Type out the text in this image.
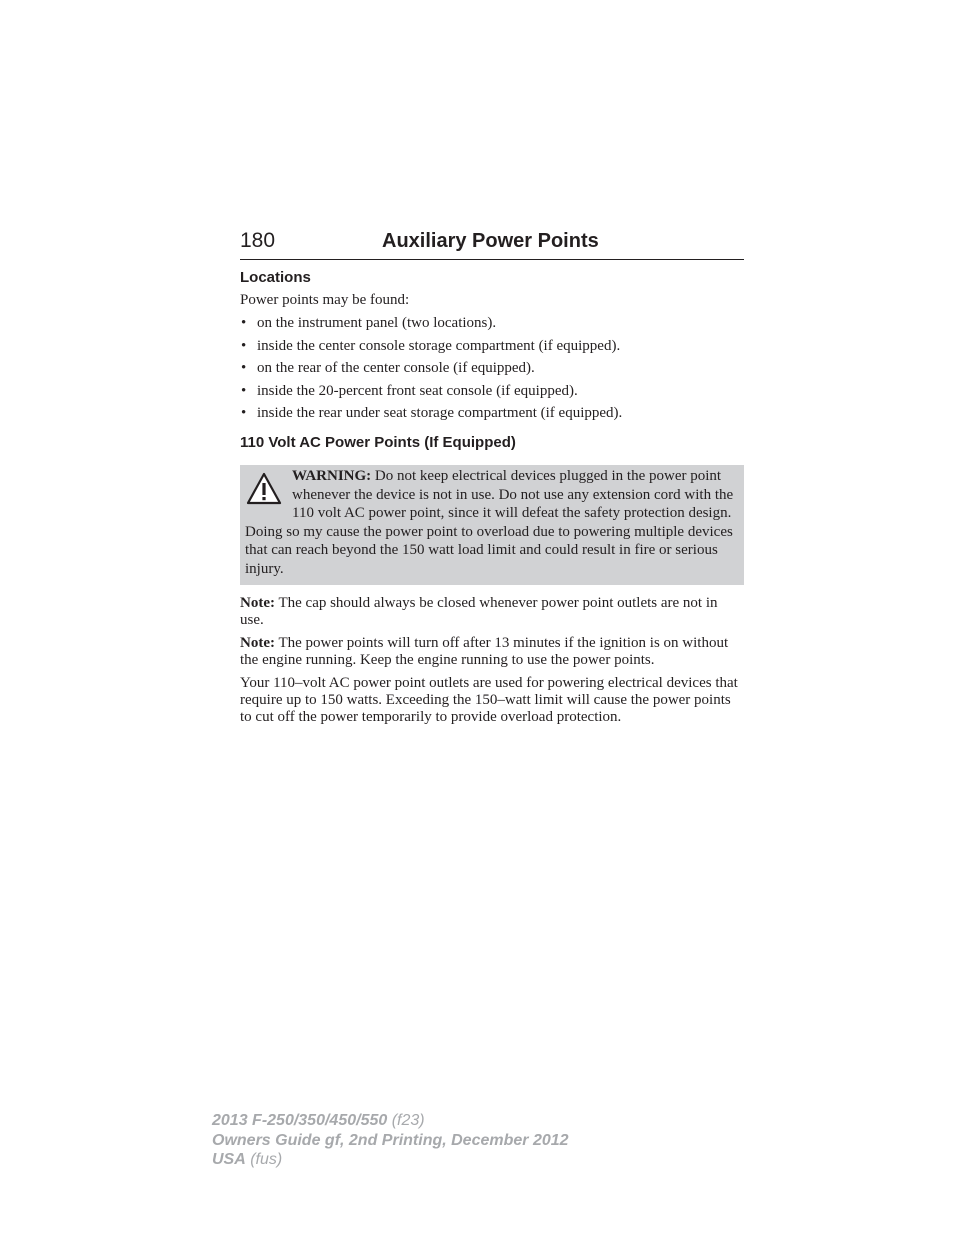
180	Auxiliary Power Points
Locations

Power points may be found:

• on the instrument panel (two locations).
• inside the center console storage compartment (if equipped).
• on the rear of the center console (if equipped).
• inside the 20-percent front seat console (if equipped).
• inside the rear under seat storage compartment (if equipped).
110 Volt AC Power Points (If Equipped)
WARNING: Do not keep electrical devices plugged in the power point whenever the device is not in use. Do not use any extension cord with the 110 volt AC power point, since it will defeat the safety protection design. Doing so my cause the power point to overload due to powering multiple devices that can reach beyond the 150 watt load limit and could result in fire or serious injury.

Note: The cap should always be closed whenever power point outlets are not in use.

Note: The power points will turn off after 13 minutes if the ignition is on without the engine running. Keep the engine running to use the power points.

Your 110–volt AC power point outlets are used for powering electrical devices that require up to 150 watts. Exceeding the 150–watt limit will cause the power points to cut off the power temporarily to provide overload protection.

2013 F-250/350/450/550 (f23)
Owners Guide gf, 2nd Printing, December 2012
USA (fus)
